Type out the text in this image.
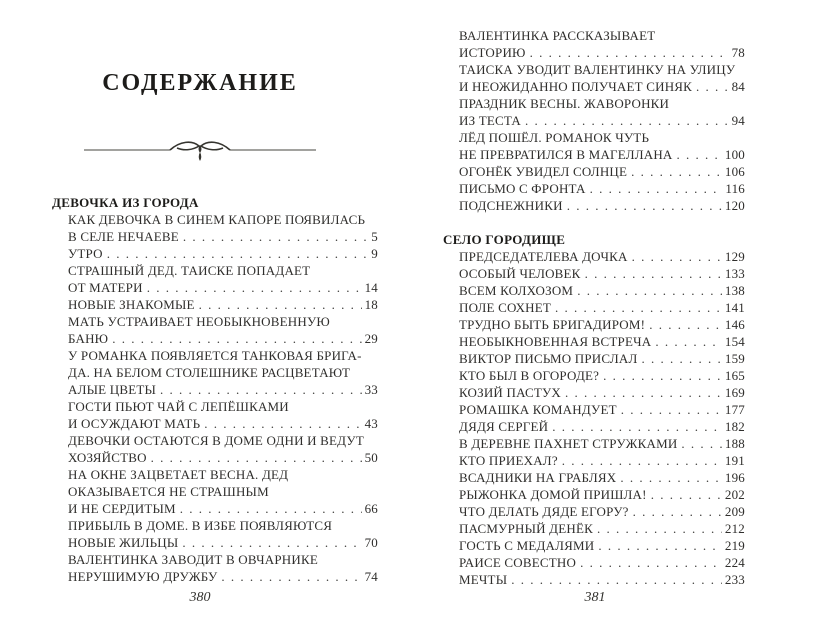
СОДЕРЖАНИЕ
ДЕВОЧКА ИЗ ГОРОДА
КАК ДЕВОЧКА В СИНЕМ КАПОРЕ ПОЯВИЛАСЬ
В СЕЛЕ НЕЧАЕВЕ . . .	5
УТРО . . .	9
СТРАШНЫЙ ДЕД. ТАИСКЕ ПОПАДАЕТ
ОТ МАТЕРИ . . .	14
НОВЫЕ ЗНАКОМЫЕ . . .	18
МАТЬ УСТРАИВАЕТ НЕОБЫКНОВЕННУЮ
БАНЮ . . .	29
У РОМАНКА ПОЯВЛЯЕТСЯ ТАНКОВАЯ БРИГА-
ДА. НА БЕЛОМ СТОЛЕШНИКЕ РАСЦВЕТАЮТ
АЛЫЕ ЦВЕТЫ . . .	33
ГОСТИ ПЬЮТ ЧАЙ С ЛЕПЁШКАМИ
И ОСУЖДАЮТ МАТЬ . . .	43
ДЕВОЧКИ ОСТАЮТСЯ В ДОМЕ ОДНИ И ВЕДУТ
ХОЗЯЙСТВО . . .	50
НА ОКНЕ ЗАЦВЕТАЕТ ВЕСНА. ДЕД
ОКАЗЫВАЕТСЯ НЕ СТРАШНЫМ
И НЕ СЕРДИТЫМ . . .	66
ПРИБЫЛЬ В ДОМЕ. В ИЗБЕ ПОЯВЛЯЮТСЯ
НОВЫЕ ЖИЛЬЦЫ . . .	70
ВАЛЕНТИНКА ЗАВОДИТ В ОВЧАРНИКЕ
НЕРУШИМУЮ ДРУЖБУ . . .	74
380
ВАЛЕНТИНКА РАССКАЗЫВАЕТ
ИСТОРИЮ . . .	78
ТАИСКА УВОДИТ ВАЛЕНТИНКУ НА УЛИЦУ
И НЕОЖИДАННО ПОЛУЧАЕТ СИНЯК . . .	84
ПРАЗДНИК ВЕСНЫ. ЖАВОРОНКИ
ИЗ ТЕСТА . . .	94
ЛЁД ПОШЁЛ. РОМАНОК ЧУТЬ
НЕ ПРЕВРАТИЛСЯ В МАГЕЛЛАНА . . .	100
ОГОНЁК УВИДЕЛ СОЛНЦЕ . . .	106
ПИСЬМО С ФРОНТА . . .	116
ПОДСНЕЖНИКИ . . .	120
СЕЛО ГОРОДИЩЕ
ПРЕДСЕДАТЕЛЕВА ДОЧКА . . .	129
ОСОБЫЙ ЧЕЛОВЕК . . .	133
ВСЕМ КОЛХОЗОМ . . .	138
ПОЛЕ СОХНЕТ . . .	141
ТРУДНО БЫТЬ БРИГАДИРОМ! . . .	146
НЕОБЫКНОВЕННАЯ ВСТРЕЧА . . .	154
ВИКТОР ПИСЬМО ПРИСЛАЛ . . .	159
КТО БЫЛ В ОГОРОДЕ? . . .	165
КОЗИЙ ПАСТУХ . . .	169
РОМАШКА КОМАНДУЕТ . . .	177
ДЯДЯ СЕРГЕЙ . . .	182
В ДЕРЕВНЕ ПАХНЕТ СТРУЖКАМИ . . .	188
КТО ПРИЕХАЛ? . . .	191
ВСАДНИКИ НА ГРАБЛЯХ . . .	196
РЫЖОНКА ДОМОЙ ПРИШЛА! . . .	202
ЧТО ДЕЛАТЬ ДЯДЕ ЕГОРУ? . . .	209
ПАСМУРНЫЙ ДЕНЁК . . .	212
ГОСТЬ С МЕДАЛЯМИ . . .	219
РАИСЕ СОВЕСТНО . . .	224
МЕЧТЫ . . .	233
381
